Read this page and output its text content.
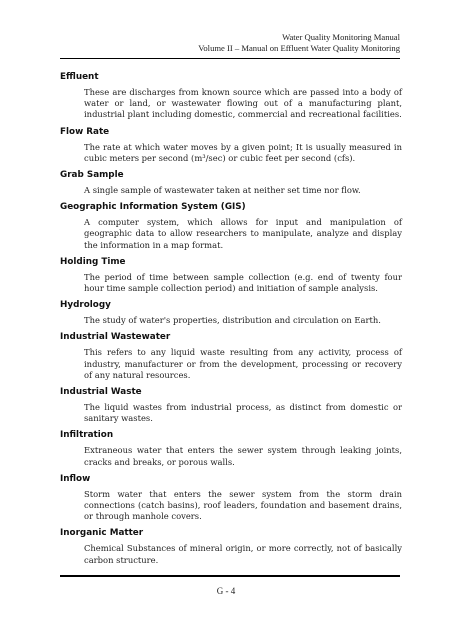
Water Quality Monitoring Manual
Volume II – Manual on Effluent Water Quality Monitoring

Effluent

These are discharges from known source which are passed into a body of water or land, or wastewater flowing out of a manufacturing plant, industrial plant including domestic, commercial and recreational facilities.

Flow Rate

The rate at which water moves by a given point; It is usually measured in cubic meters per second (m³/sec) or cubic feet per second (cfs).

Grab Sample

A single sample of wastewater taken at neither set time nor flow.

Geographic Information System (GIS)

A computer system, which allows for input and manipulation of geographic data to allow researchers to manipulate, analyze and display the information in a map format.

Holding Time

The period of time between sample collection (e.g. end of twenty four hour time sample collection period) and initiation of sample analysis.

Hydrology

The study of water's properties, distribution and circulation on Earth.

Industrial Wastewater

This refers to any liquid waste resulting from any activity, process of industry, manufacturer or from the development, processing or recovery of any natural resources.

Industrial Waste

The liquid wastes from industrial process, as distinct from domestic or sanitary wastes.

Infiltration

Extraneous water that enters the sewer system through leaking joints, cracks and breaks, or porous walls.

Inflow

Storm water that enters the sewer system from the storm drain connections (catch basins), roof leaders, foundation and basement drains, or through manhole covers.

Inorganic Matter

Chemical Substances of mineral origin, or more correctly, not of basically carbon structure.

G - 4
